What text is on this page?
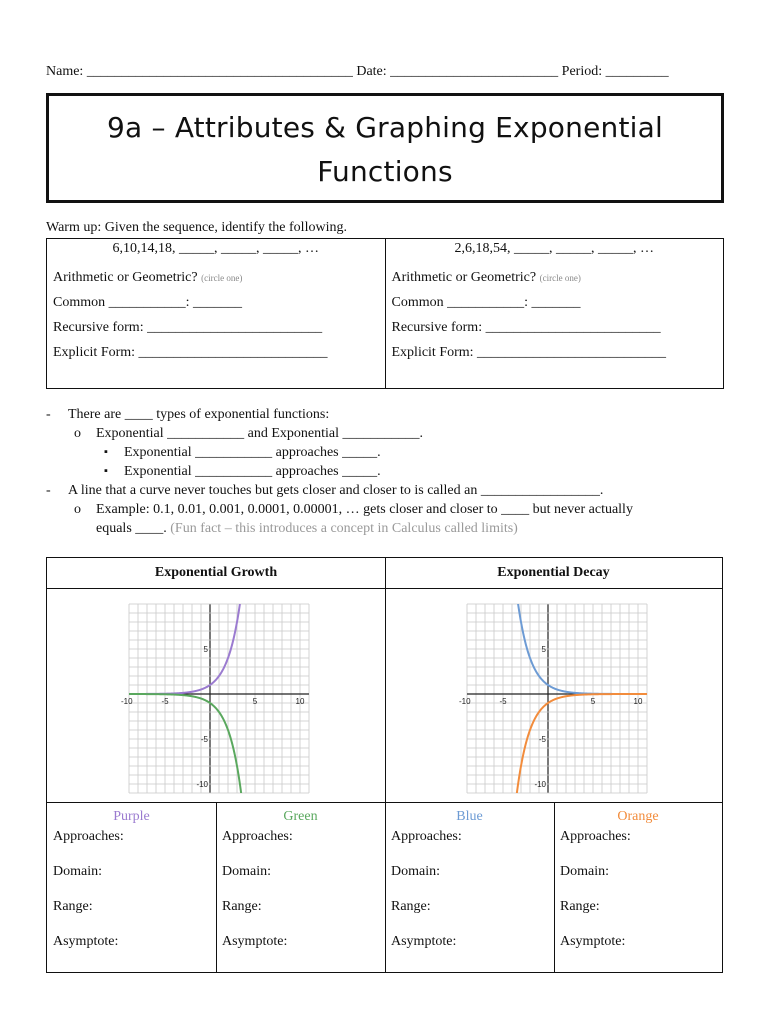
Name: ______________________________________ Date: ________________________ Period: _________
9a – Attributes & Graphing Exponential
Functions
Warm up: Given the sequence, identify the following.
6,10,14,18, _____, _____, _____, …
Arithmetic or Geometric? (circle one)
Common ___________: _______
Recursive form: _________________________
Explicit Form: ___________________________
2,6,18,54, _____, _____, _____, …
Arithmetic or Geometric? (circle one)
Common ___________: _______
Recursive form: _________________________
Explicit Form: ___________________________
- There are ____ types of exponential functions:
o Exponential ___________ and Exponential ___________.
▪ Exponential ___________ approaches _____.
▪ Exponential ___________ approaches _____.
- A line that a curve never touches but gets closer and closer to is called an _________________.
o Example: 0.1, 0.01, 0.001, 0.0001, 0.00001, … gets closer and closer to ____ but never actually
equals ____. (Fun fact – this introduces a concept in Calculus called limits)
Exponential Growth	Exponential Decay
-10	-5	5	10
5
-5
-10
-10	-5	5	10
5
-5
-10
Purple
Approaches:
Domain:
Range:
Asymptote:
Green
Approaches:
Domain:
Range:
Asymptote:
Blue
Approaches:
Domain:
Range:
Asymptote:
Orange
Approaches:
Domain:
Range:
Asymptote:
